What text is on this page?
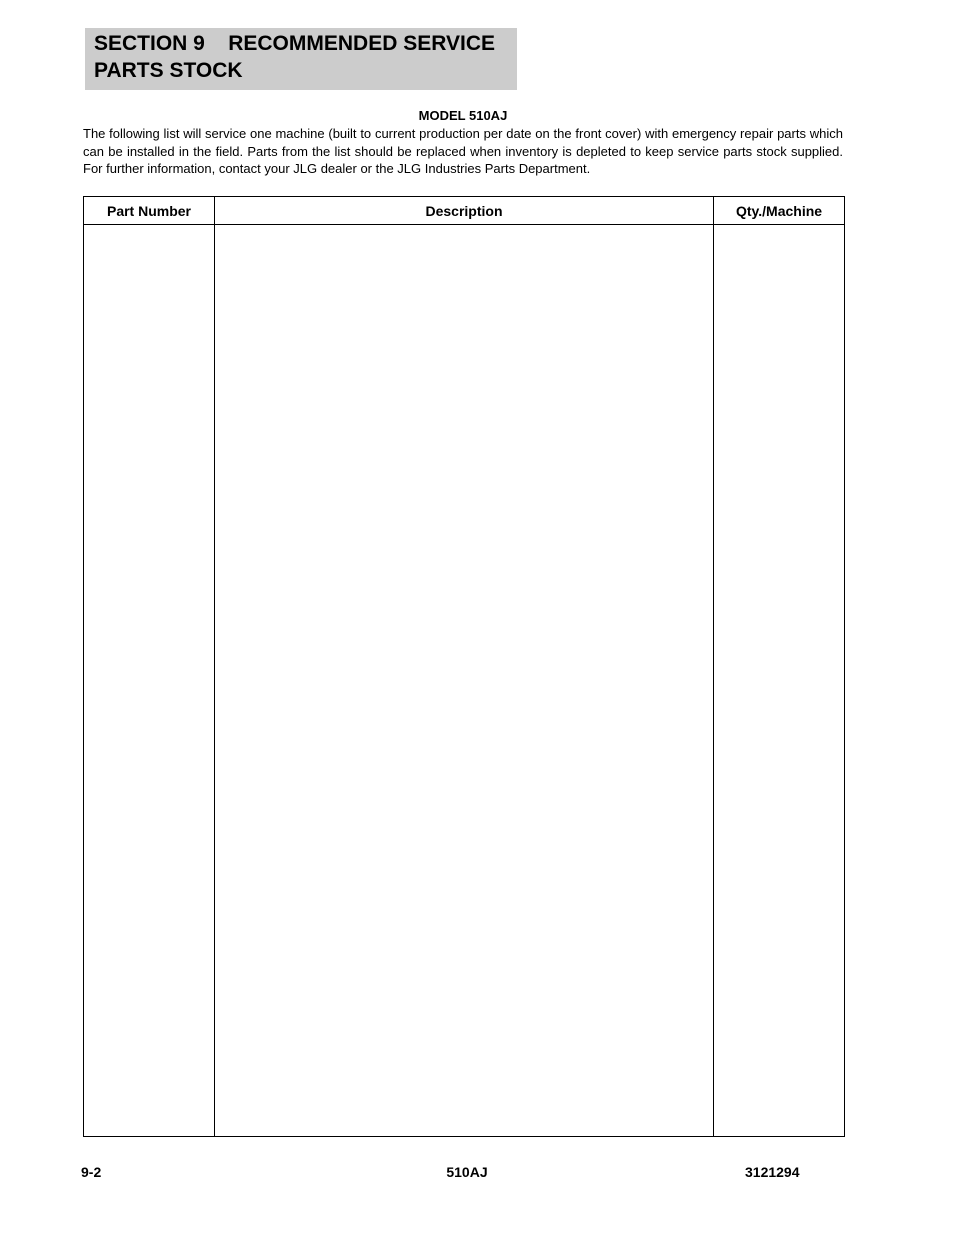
SECTION 9    RECOMMENDED SERVICE

PARTS STOCK

MODEL 510AJ

The following list will service one machine (built to current production per date on the front cover) with emergency repair parts which can be installed in the field. Parts from the list should be replaced when inventory is depleted to keep service parts stock supplied. For further information, contact your JLG dealer or the JLG Industries Parts Department.

Part Number	Description	Qty./Machine

9-2	510AJ	3121294
